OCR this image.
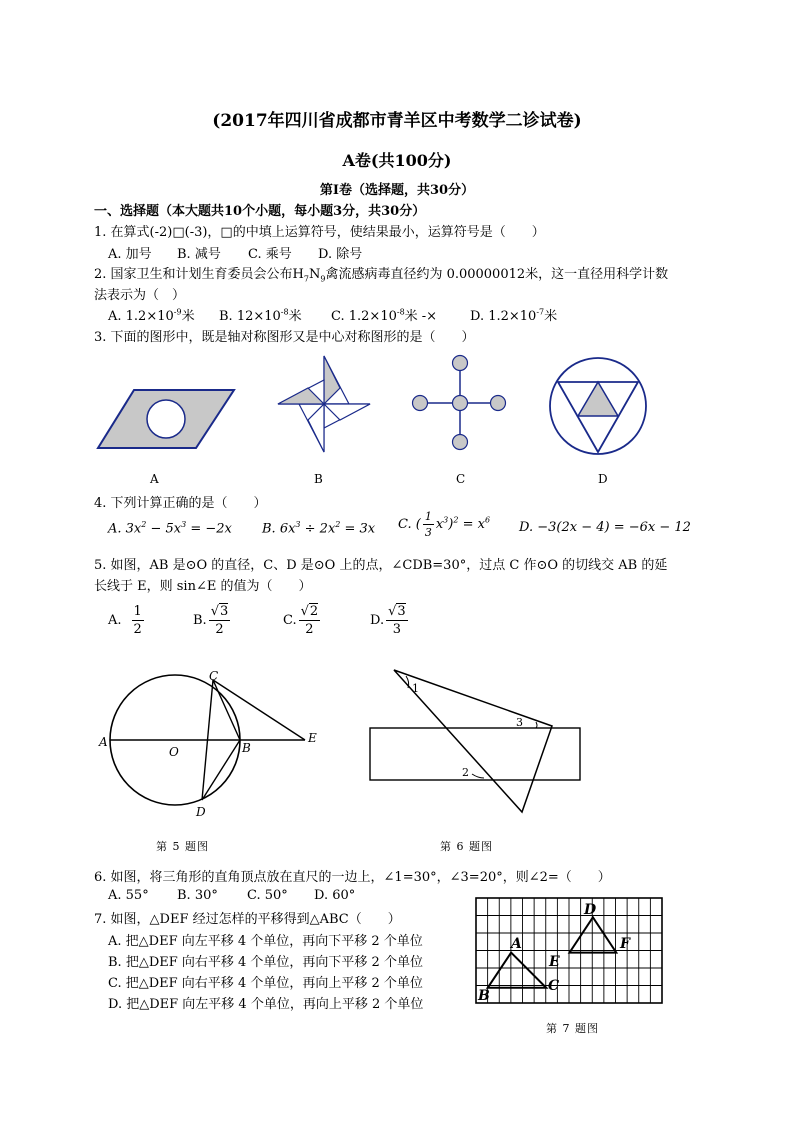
(2017年四川省成都市青羊区中考数学二诊试卷)
A卷(共100分)
第Ⅰ卷（选择题，共30分）
一、选择题（本大题共10个小题，每小题3分，共30分）
1. 在算式(-2)□(-3)，□的中填上运算符号，使结果最小，运算符号是（　　）
A. 加号 B. 减号 C. 乘号 D. 除号
2. 国家卫生和计划生育委员会公布$H_7N_9$禽流感病毒直径约为 0.00000012米，这一直径用科学计数
法表示为（　）
A. $1.2\times 10^{-9}$米 B. $12\times 10^{-8}$米 C. $1.2\times 10^{-8}$米 -×	D. $1.2\times 10^{-7}$米
3. 下面的图形中，既是轴对称图形又是中心对称图形的是（　　）
A	B	C	D
4. 下列计算正确的是（　　）
A. $3x^2 - 5x^3 = -2x$ B. $6x^3 \div 2x^2 = 3x$ C. ( $\frac{1}{3} x^3)^2 = x^6$ D. −3(2x − 4) = −6x − 12
5. 如图，AB 是⊙O 的直径，C、D 是⊙O 上的点，∠CDB=30°，过点 C 作⊙O 的切线交 AB 的延
长线于 E，则 sin∠E 的值为（　　）
A. $\frac{1}{2}$	B. $\frac{√3}{2}$	C. $\frac{√2}{2}$	D. $\frac{√3}{3}$
A
O	B
C
D
E
第 5 题图
1
2
3
第 6 题图
6. 如图，将三角形的直角顶点放在直尺的一边上，∠1=30°，∠3=20°，则∠2=（　　）
A. 55° B. 30° C. 50° D. 60°
7. 如图，△DEF 经过怎样的平移得到△ABC（　　）
A. 把△DEF 向左平移 4 个单位，再向下平移 2 个单位
B. 把△DEF 向右平移 4 个单位，再向下平移 2 个单位
C. 把△DEF 向右平移 4 个单位，再向上平移 2 个单位
D. 把△DEF 向左平移 4 个单位，再向上平移 2 个单位
A
B
C
D
E
F
第 7 题图
